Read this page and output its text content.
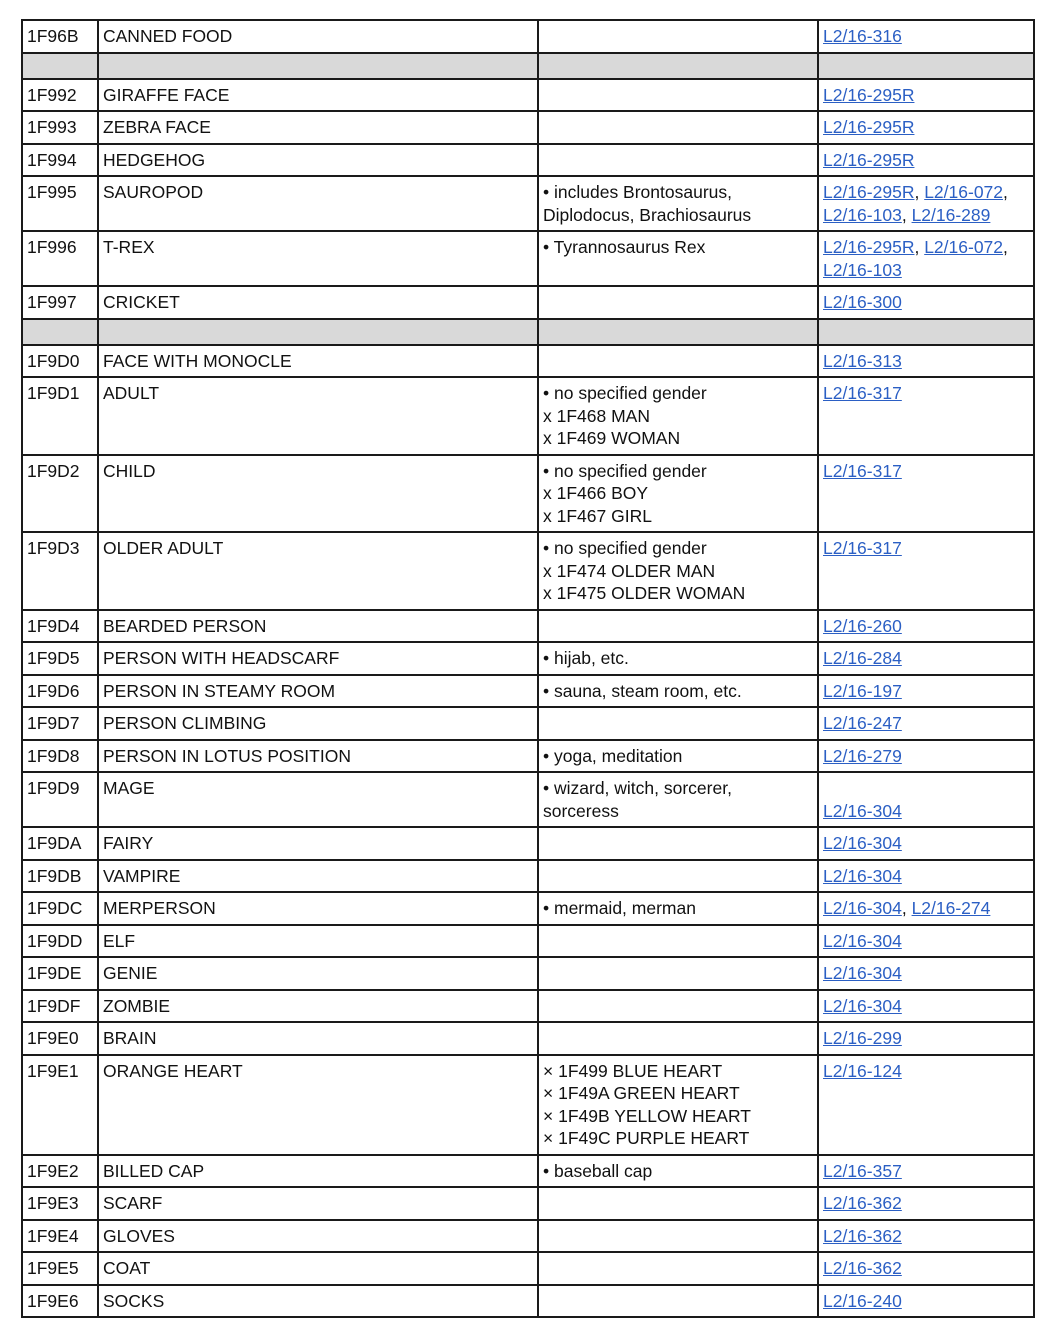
1F96B	CANNED FOOD		L2/16-316

1F992	GIRAFFE FACE		L2/16-295R

1F993	ZEBRA FACE		L2/16-295R

1F994	HEDGEHOG		L2/16-295R

1F995	SAUROPOD	• includes Brontosaurus,
Diplodocus, Brachiosaurus	L2/16-295R, L2/16-072,
L2/16-103, L2/16-289

1F996	T-REX	• Tyrannosaurus Rex	L2/16-295R, L2/16-072,
L2/16-103

1F997	CRICKET		L2/16-300

1F9D0	FACE WITH MONOCLE		L2/16-313

1F9D1	ADULT	• no specified gender
x 1F468 MAN
x 1F469 WOMAN	L2/16-317

1F9D2	CHILD	• no specified gender
x 1F466 BOY
x 1F467 GIRL	L2/16-317

1F9D3	OLDER ADULT	• no specified gender
x 1F474 OLDER MAN
x 1F475 OLDER WOMAN	L2/16-317

1F9D4	BEARDED PERSON		L2/16-260

1F9D5	PERSON WITH HEADSCARF	• hijab, etc.	L2/16-284

1F9D6	PERSON IN STEAMY ROOM	• sauna, steam room, etc.	L2/16-197

1F9D7	PERSON CLIMBING		L2/16-247

1F9D8	PERSON IN LOTUS POSITION	• yoga, meditation	L2/16-279

1F9D9	MAGE	• wizard, witch, sorcerer,
sorceress	L2/16-304

1F9DA	FAIRY		L2/16-304

1F9DB	VAMPIRE		L2/16-304

1F9DC	MERPERSON	• mermaid, merman	L2/16-304, L2/16-274

1F9DD	ELF		L2/16-304

1F9DE	GENIE		L2/16-304

1F9DF	ZOMBIE		L2/16-304

1F9E0	BRAIN		L2/16-299

1F9E1	ORANGE HEART	× 1F499 BLUE HEART
× 1F49A GREEN HEART
× 1F49B YELLOW HEART
× 1F49C PURPLE HEART	L2/16-124

1F9E2	BILLED CAP	• baseball cap	L2/16-357

1F9E3	SCARF		L2/16-362

1F9E4	GLOVES		L2/16-362

1F9E5	COAT		L2/16-362

1F9E6	SOCKS		L2/16-240
